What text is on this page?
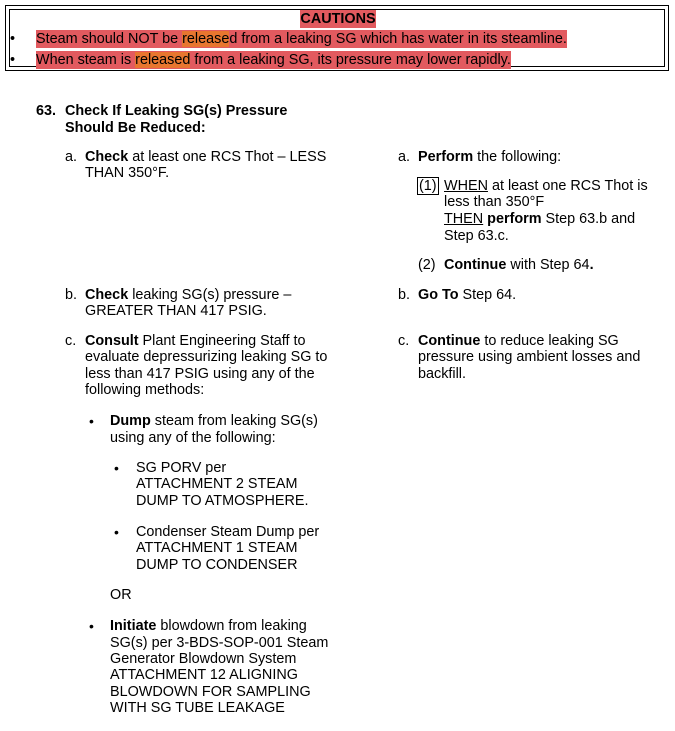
CAUTIONS
•	Steam should NOT be released from a leaking SG which has water in its steamline.
•	When steam is released from a leaking SG, its pressure may lower rapidly.
63. Check If Leaking SG(s) Pressure
Should Be Reduced:
a. Check at least one RCS Thot – LESS
THAN 350°F.
b. Check leaking SG(s) pressure –
GREATER THAN 417 PSIG.
c. Consult Plant Engineering Staff to
evaluate depressurizing leaking SG to
less than 417 PSIG using any of the
following methods:
• Dump steam from leaking SG(s)
using any of the following:
• SG PORV per
ATTACHMENT 2 STEAM
DUMP TO ATMOSPHERE.
• Condenser Steam Dump per
ATTACHMENT 1 STEAM
DUMP TO CONDENSER
OR
• Initiate blowdown from leaking
SG(s) per 3-BDS-SOP-001 Steam
Generator Blowdown System
ATTACHMENT 12 ALIGNING
BLOWDOWN FOR SAMPLING
WITH SG TUBE LEAKAGE
a. Perform the following:
(1) WHEN at least one RCS Thot is
less than 350°F
THEN perform Step 63.b and
Step 63.c.
(2) Continue with Step 64.
b. Go To Step 64.
c. Continue to reduce leaking SG
pressure using ambient losses and
backfill.
